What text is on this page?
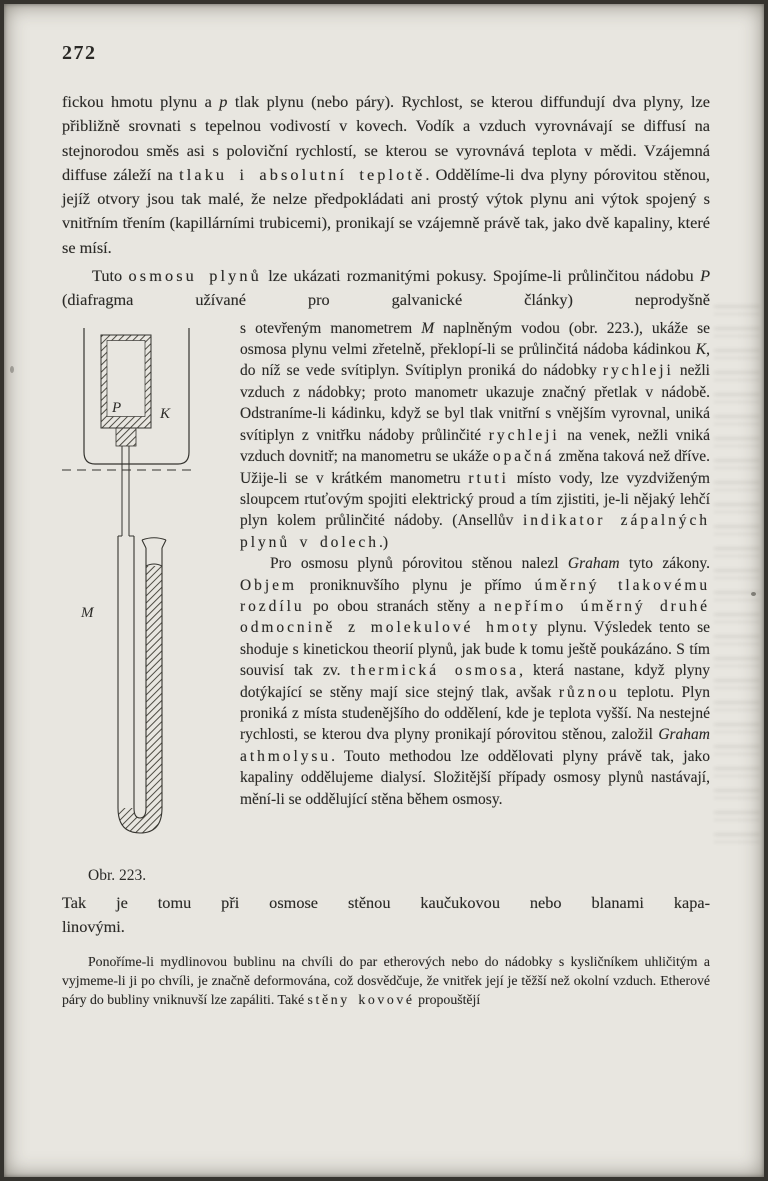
272

fickou hmotu plynu a p tlak plynu (nebo páry). Rychlost, se kterou diffundují dva plyny, lze přibližně srovnati s tepelnou vodivostí v kovech. Vodík a vzduch vyrovnávají se diffusí na stejnorodou směs asi s poloviční rychlostí, se kterou se vyrovnává teplota v mědi. Vzájemná diffuse záleží na tlaku i absolutní teplotě. Oddělíme-li dva plyny pórovitou stěnou, jejíž otvory jsou tak malé, že nelze předpokládati ani prostý výtok plynu ani výtok spojený s vnitřním třením (kapillárními trubicemi), pronikají se vzájemně právě tak, jako dvě kapaliny, které se mísí.

Tuto osmosu plynů lze ukázati rozmanitými pokusy. Spojíme-li průlinčitou nádobu P (diafragma užívané pro galvanické články) neprodyšně

P	K
M
Obr. 223.

s otevřeným manometrem M naplněným vodou (obr. 223.), ukáže se osmosa plynu velmi zřetelně, překlopí-li se průlinčitá nádoba kádinkou K, do níž se vede svítiplyn. Svítiplyn proniká do nádobky rychleji nežli vzduch z nádobky; proto manometr ukazuje značný přetlak v nádobě. Odstraníme-li kádinku, když se byl tlak vnitřní s vnějším vyrovnal, uniká svítiplyn z vnitřku nádoby průlinčité rychleji na venek, nežli vniká vzduch dovnitř; na manometru se ukáže opačná změna taková než dříve. Užije-li se v krátkém manometru rtuti místo vody, lze vyzdviženým sloupcem rtuťovým spojiti elektrický proud a tím zjistiti, je-li nějaký lehčí plyn kolem průlinčité nádoby. (Ansellův indikator zápalných plynů v dolech.)

Pro osmosu plynů pórovitou stěnou nalezl Graham tyto zákony. Objem proniknuvšího plynu je přímo úměrný tlakovému rozdílu po obou stranách stěny a nepřímo úměrný druhé odmocnině z molekulové hmoty plynu. Výsledek tento se shoduje s kinetickou theorií plynů, jak bude k tomu ještě poukázáno. S tím souvisí tak zv. thermická osmosa, která nastane, když plyny dotýkající se stěny mají sice stejný tlak, avšak různou teplotu. Plyn proniká z místa studenějšího do oddělení, kde je teplota vyšší. Na nestejné rychlosti, se kterou dva plyny pronikají pórovitou stěnou, založil Graham athmolysu. Touto methodou lze oddělovati plyny právě tak, jako kapaliny oddělujeme dialysí. Složitější případy osmosy plynů nastávají, mění-li se oddělující stěna během osmosy.

Tak je tomu při osmose stěnou kaučukovou nebo blanami kapa-
linovými.

Ponoříme-li mydlinovou bublinu na chvíli do par etherových nebo do nádobky s kysličníkem uhličitým a vyjmeme-li ji po chvíli, je značně deformována, což dosvědčuje, že vnitřek její je těžší než okolní vzduch. Etherové páry do bubliny vniknuvší lze zapáliti. Také stěny kovové propouštějí
